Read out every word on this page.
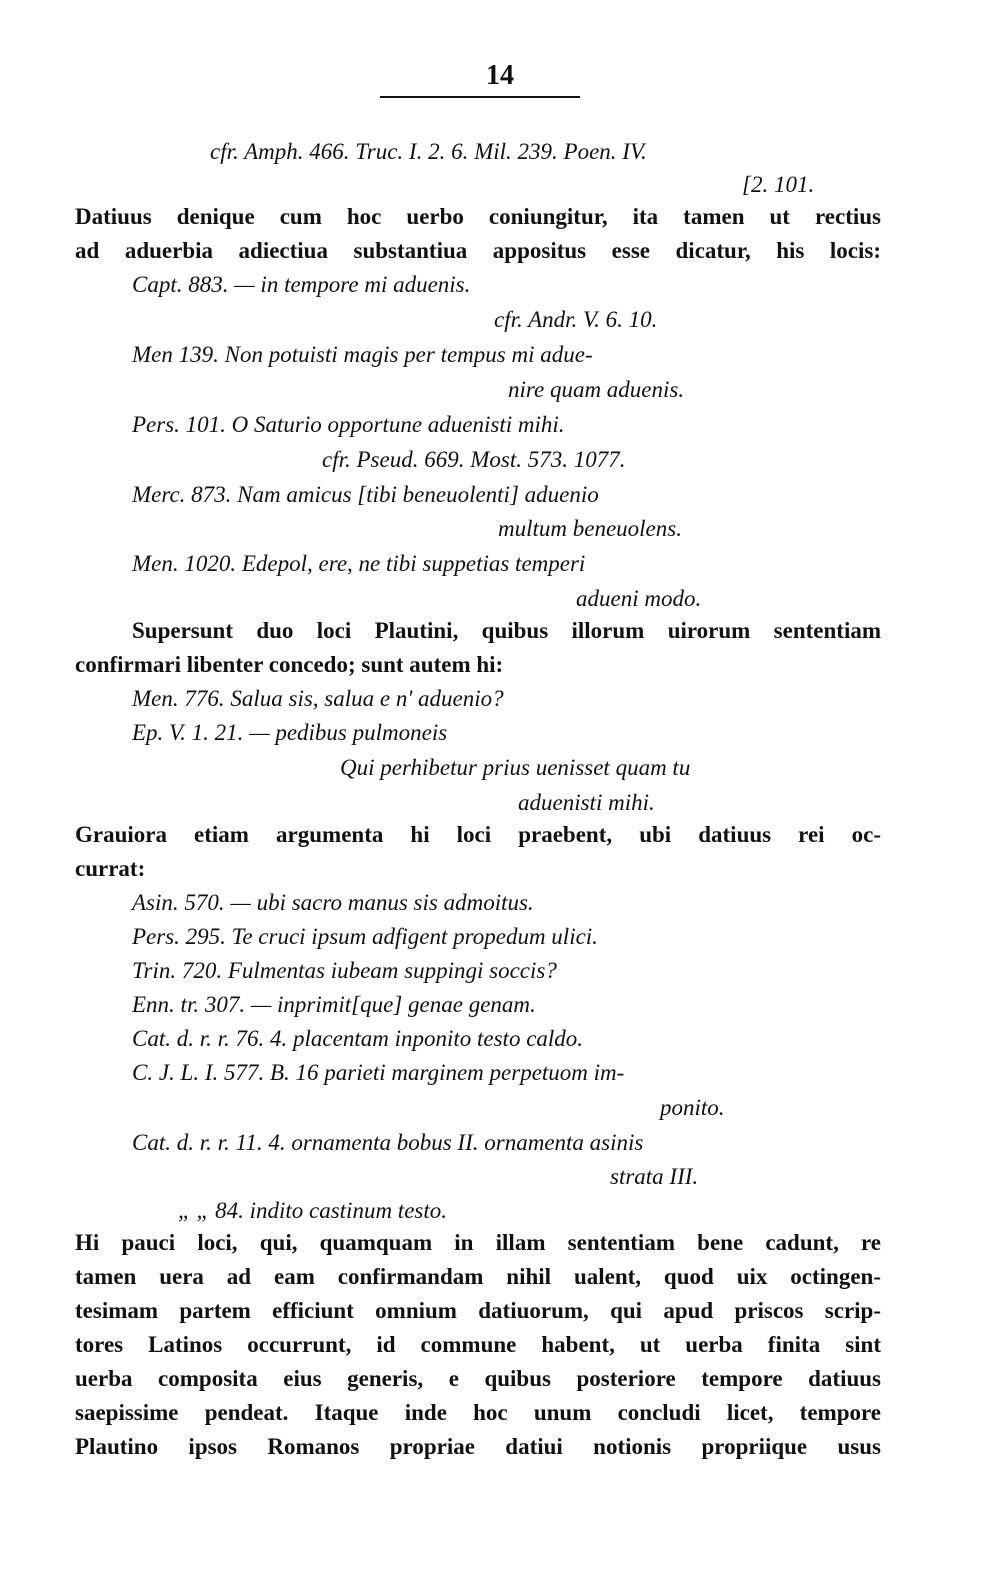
14
cfr. Amph. 466. Truc. I. 2. 6. Mil. 239. Poen. IV.
[2. 101.
Datiuus denique cum hoc uerbo coniungitur, ita tamen ut rectius
ad aduerbia adiectiua substantiua appositus esse dicatur, his locis:
Capt. 883. — in tempore mi aduenis.
cfr. Andr. V. 6. 10.
Men 139. Non potuisti magis per tempus mi aduе-
nire quam aduenis.
Pers. 101. O Saturio opportune aduenisti mihi.
cfr. Pseud. 669. Most. 573. 1077.
Merc. 873. Nam amicus [tibi beneuolenti] aduenio
multum beneuolens.
Men. 1020. Edepol, ere, ne tibi suppetias temperi
adueni modo.
Supersunt duo loci Plautini, quibus illorum uirorum sententiam
confirmari libenter concedo; sunt autem hi:
Men. 776. Salua sis, salua e n' aduenio?
Ep. V. 1. 21. — pedibus pulmoneis
Qui perhibetur prius uenisset quam tu
aduenisti mihi.
Grauiora etiam argumenta hi loci praebent, ubi datiuus rei oc-
currat:
Asin. 570. — ubi sacro manus sis admoitus.
Pers. 295. Te cruci ipsum adfigent propedum ulici.
Trin. 720. Fulmentas iubeam suppingi soccis?
Enn. tr. 307. — inprimit[que] genae genam.
Cat. d. r. r. 76. 4. placentam inponito testo caldo.
C. J. L. I. 577. B. 16 parieti marginem perpetuom im-
ponito.
Cat. d. r. r. 11. 4. ornamenta bobus II. ornamenta asinis
strata III.
„ „ 84. indito castinum testo.
Hi pauci loci, qui, quamquam in illam sententiam bene cadunt, re
tamen uera ad eam confirmandam nihil ualent, quod uix octingen-
tesimam partem efficiunt omnium datiuorum, qui apud priscos scrip-
tores Latinos occurrunt, id commune habent, ut uerba finita sint
uerba composita eius generis, e quibus posteriore tempore datiuus
saepissime pendeat. Itaque inde hoc unum concludi licet, tempore
Plautino ipsos Romanos propriae datiui notionis propriique usus
